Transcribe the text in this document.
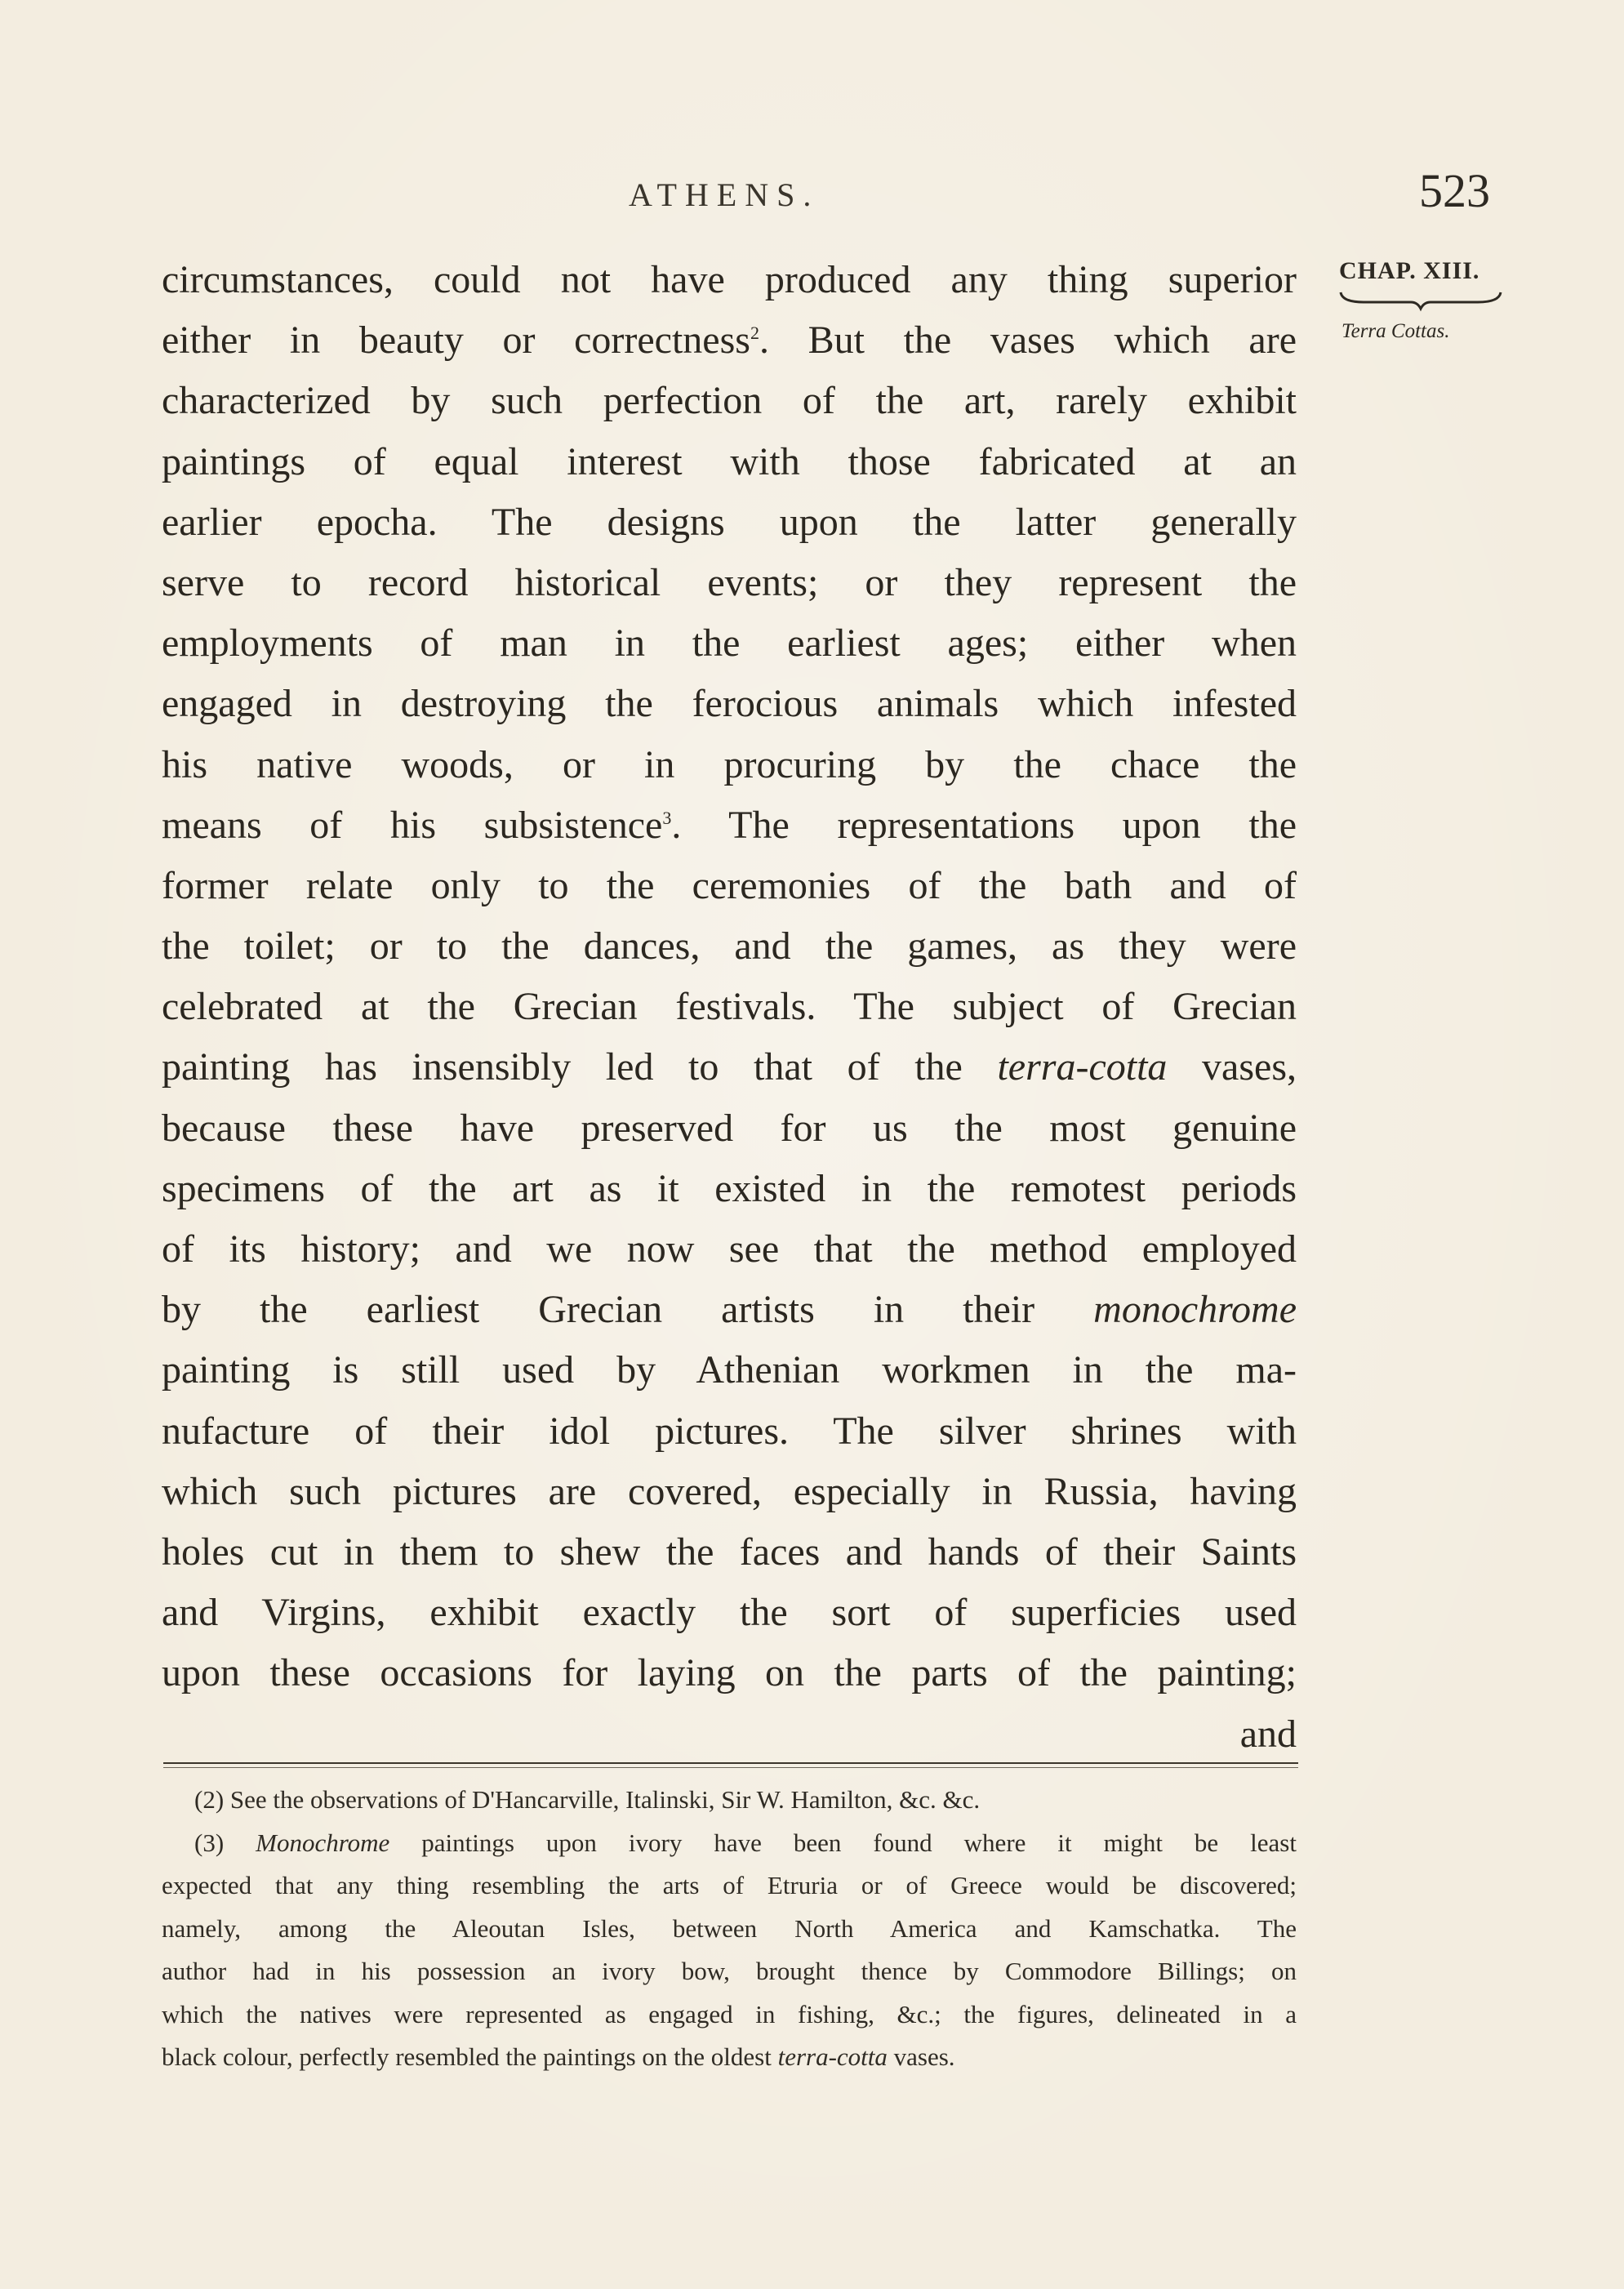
ATHENS.	523
CHAP. XIII.
Terra Cottas.
circumstances, could not have produced any thing superior
either in beauty or correctness$^2$. But the vases which are
characterized by such perfection of the art, rarely exhibit
paintings of equal interest with those fabricated at an
earlier epocha. The designs upon the latter generally
serve to record historical events; or they represent the
employments of man in the earliest ages; either when
engaged in destroying the ferocious animals which infested
his native woods, or in procuring by the chace the
means of his subsistence$^3$. The representations upon the
former relate only to the ceremonies of the bath and of
the toilet; or to the dances, and the games, as they were
celebrated at the Grecian festivals. The subject of Grecian
painting has insensibly led to that of the terra-cotta vases,
because these have preserved for us the most genuine
specimens of the art as it existed in the remotest periods
of its history; and we now see that the method employed
by the earliest Grecian artists in their monochrome
painting is still used by Athenian workmen in the ma-
nufacture of their idol pictures. The silver shrines with
which such pictures are covered, especially in Russia, having
holes cut in them to shew the faces and hands of their Saints
and Virgins, exhibit exactly the sort of superficies used
upon these occasions for laying on the parts of the painting;
and
(2) See the observations of D'Hancarville, Italinski, Sir W. Hamilton, &c. &c.
(3) Monochrome paintings upon ivory have been found where it might be least
expected that any thing resembling the arts of Etruria or of Greece would be discovered;
namely, among the Aleoutan Isles, between North America and Kamschatka. The
author had in his possession an ivory bow, brought thence by Commodore Billings; on
which the natives were represented as engaged in fishing, &c.; the figures, delineated in a
black colour, perfectly resembled the paintings on the oldest terra-cotta vases.
